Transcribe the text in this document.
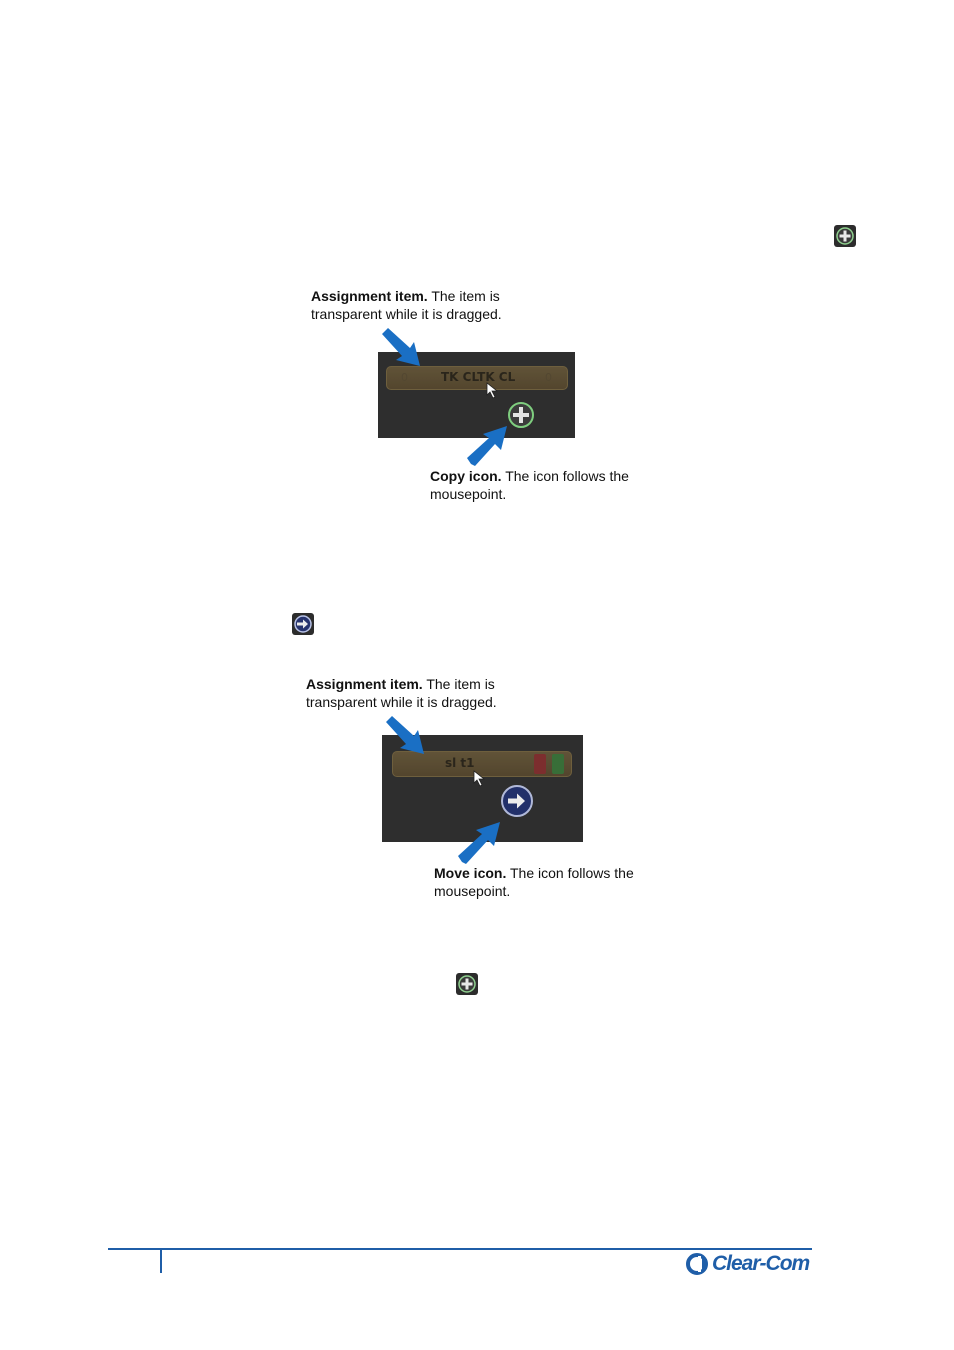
Assignment item. The item is
transparent while it is dragged.
0	TK CLTK CL	0
Copy icon. The icon follows the
mousepoint.
Assignment item. The item is
transparent while it is dragged.
sl t1
Move icon. The icon follows the
mousepoint.
Clear-Com
